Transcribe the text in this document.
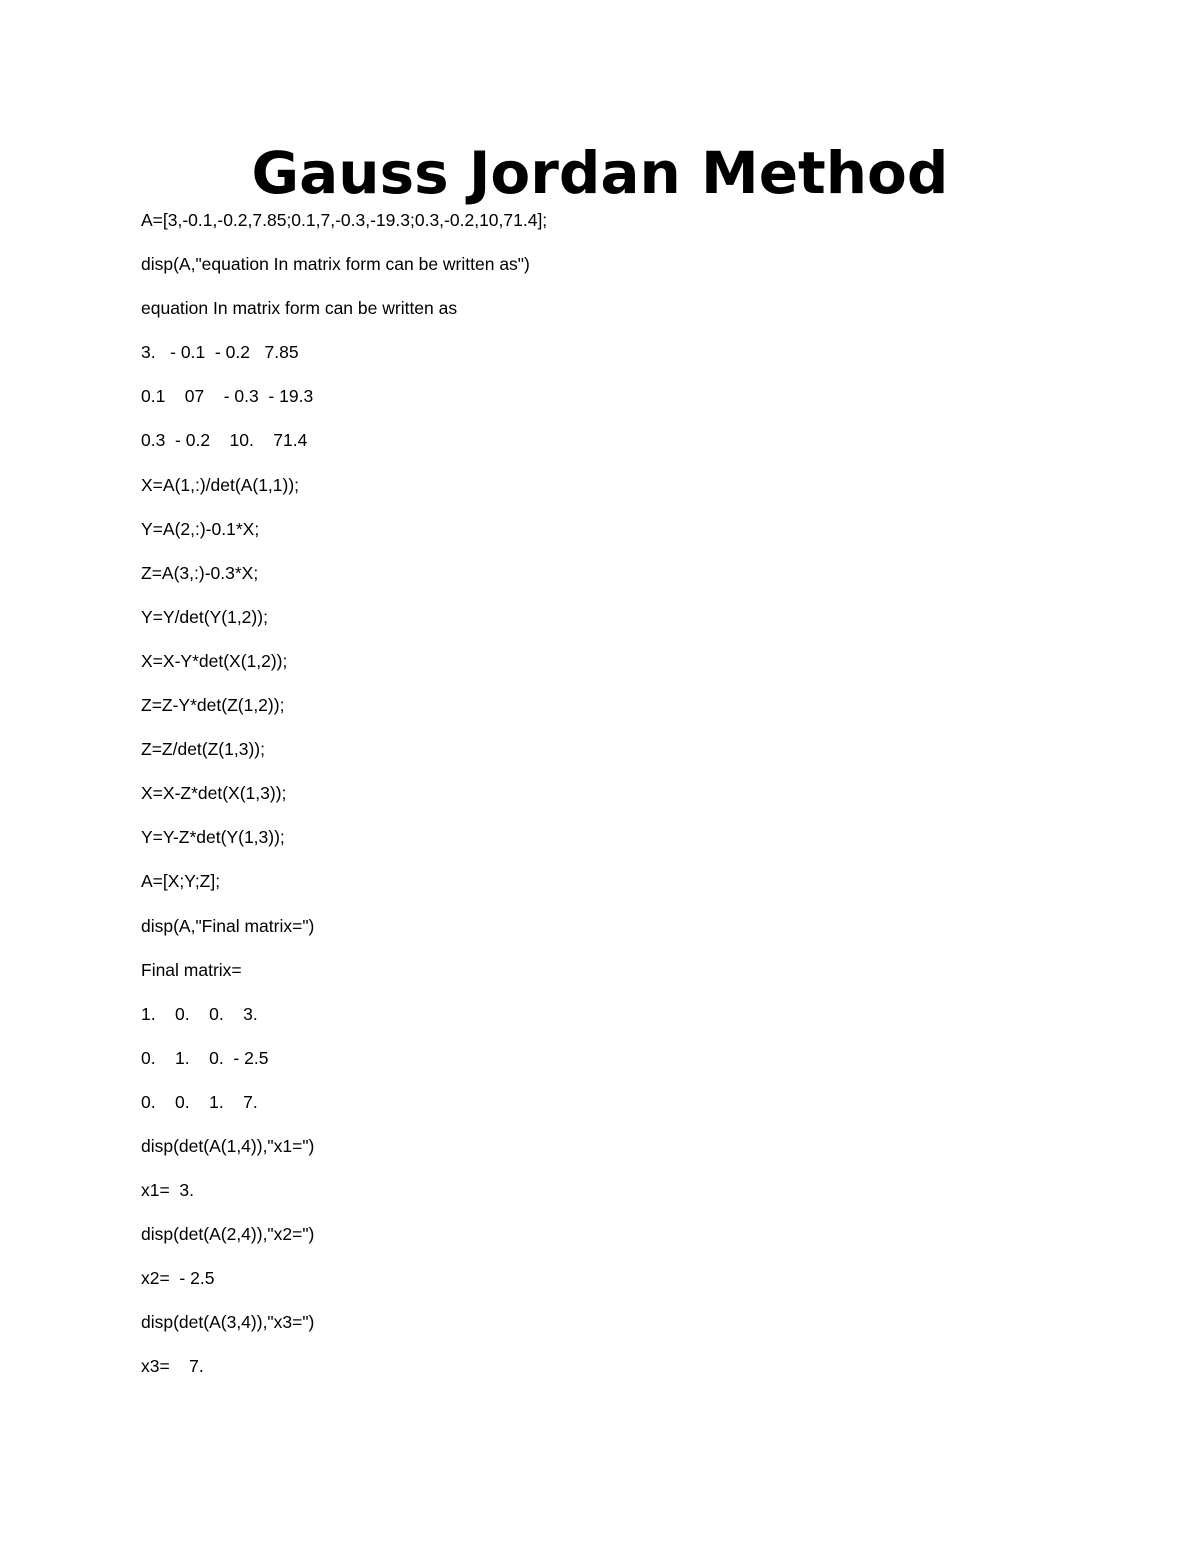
Gauss Jordan Method
A=[3,-0.1,-0.2,7.85;0.1,7,-0.3,-19.3;0.3,-0.2,10,71.4];
disp(A,"equation In matrix form can be written as")
equation In matrix form can be written as
3.   - 0.1  - 0.2   7.85
0.1    07    - 0.3  - 19.3
0.3  - 0.2    10.    71.4
X=A(1,:)/det(A(1,1));
Y=A(2,:)-0.1*X;
Z=A(3,:)-0.3*X;
Y=Y/det(Y(1,2));
X=X-Y*det(X(1,2));
Z=Z-Y*det(Z(1,2));
Z=Z/det(Z(1,3));
X=X-Z*det(X(1,3));
Y=Y-Z*det(Y(1,3));
A=[X;Y;Z];
disp(A,"Final matrix=")
Final matrix=
1.    0.    0.    3.
0.    1.    0.  - 2.5
0.    0.    1.    7.
disp(det(A(1,4)),"x1=")
x1=  3.
disp(det(A(2,4)),"x2=")
x2=  - 2.5
disp(det(A(3,4)),"x3=")
x3=    7.
